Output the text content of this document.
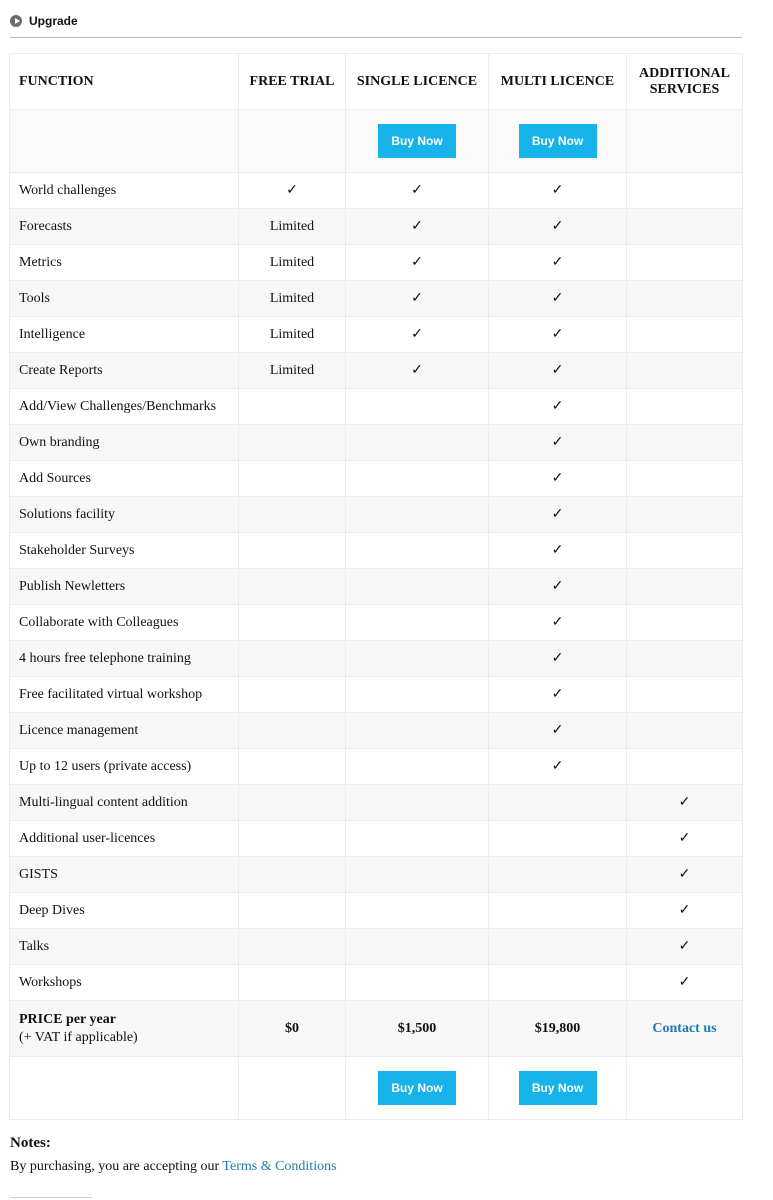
Upgrade
FUNCTION	FREE TRIAL	SINGLE LICENCE	MULTI LICENCE	ADDITIONAL SERVICES
		Buy Now	Buy Now	
World challenges	✓	✓	✓	
Forecasts	Limited	✓	✓	
Metrics	Limited	✓	✓	
Tools	Limited	✓	✓	
Intelligence	Limited	✓	✓	
Create Reports	Limited	✓	✓	
Add/View Challenges/Benchmarks			✓	
Own branding			✓	
Add Sources			✓	
Solutions facility			✓	
Stakeholder Surveys			✓	
Publish Newletters			✓	
Collaborate with Colleagues			✓	
4 hours free telephone training			✓	
Free facilitated virtual workshop			✓	
Licence management			✓	
Up to 12 users (private access)			✓	
Multi-lingual content addition				✓
Additional user-licences				✓
GISTS				✓
Deep Dives				✓
Talks				✓
Workshops				✓

PRICE per year
(+ VAT if applicable)	$0	$1,500	$19,800	Contact us
		Buy Now	Buy Now	
Notes:
By purchasing, you are accepting our Terms & Conditions
